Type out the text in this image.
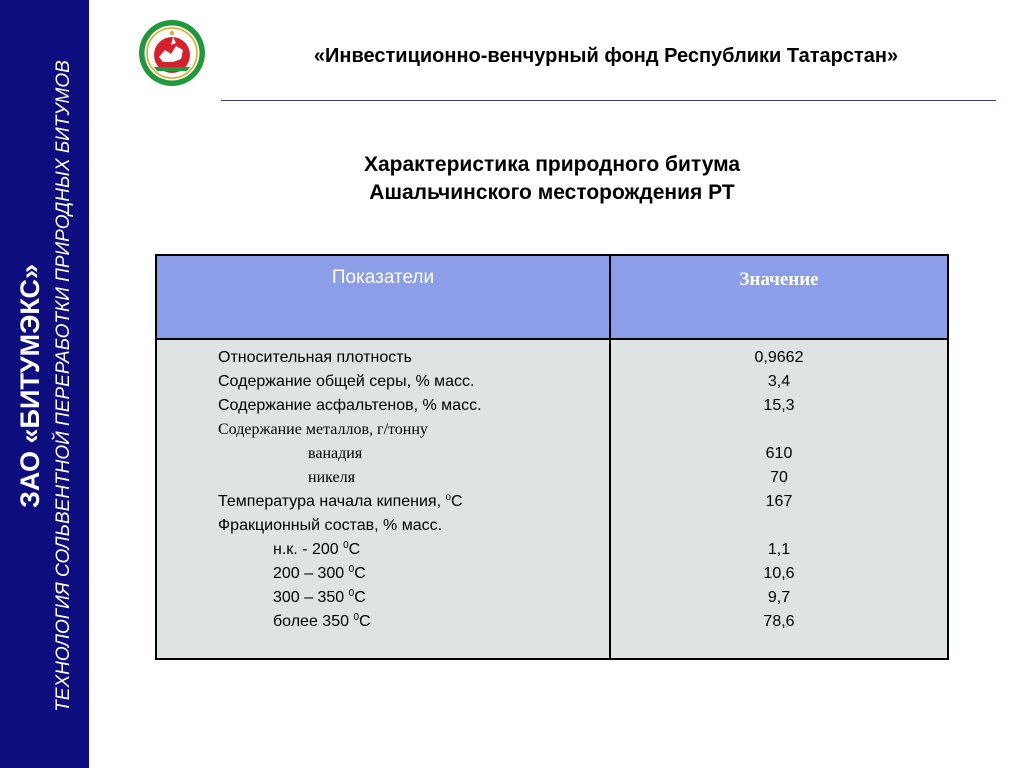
ЗАО «БИТУМЭКС» ТЕХНОЛОГИЯ СОЛЬВЕНТНОЙ ПЕРЕРАБОТКИ ПРИРОДНЫХ БИТУМОВ
«Инвестиционно-венчурный фонд Республики Татарстан»
Характеристика природного битума
Ашальчинского месторождения РТ
Показатели	Значение
Относительная плотность
Содержание общей серы, % масс.
Содержание асфальтенов, % масс.
Содержание металлов, г/тонну
ванадия
никеля
Температура начала кипения, $^о$С
Фракционный состав, % масс.
н.к. - 200 $^0$С
200 – 300 $^0$С
300 – 350 $^0$С
более 350 $^0$С
0,9662
3,4
15,3
610
70
167
1,1
10,6
9,7
78,6
